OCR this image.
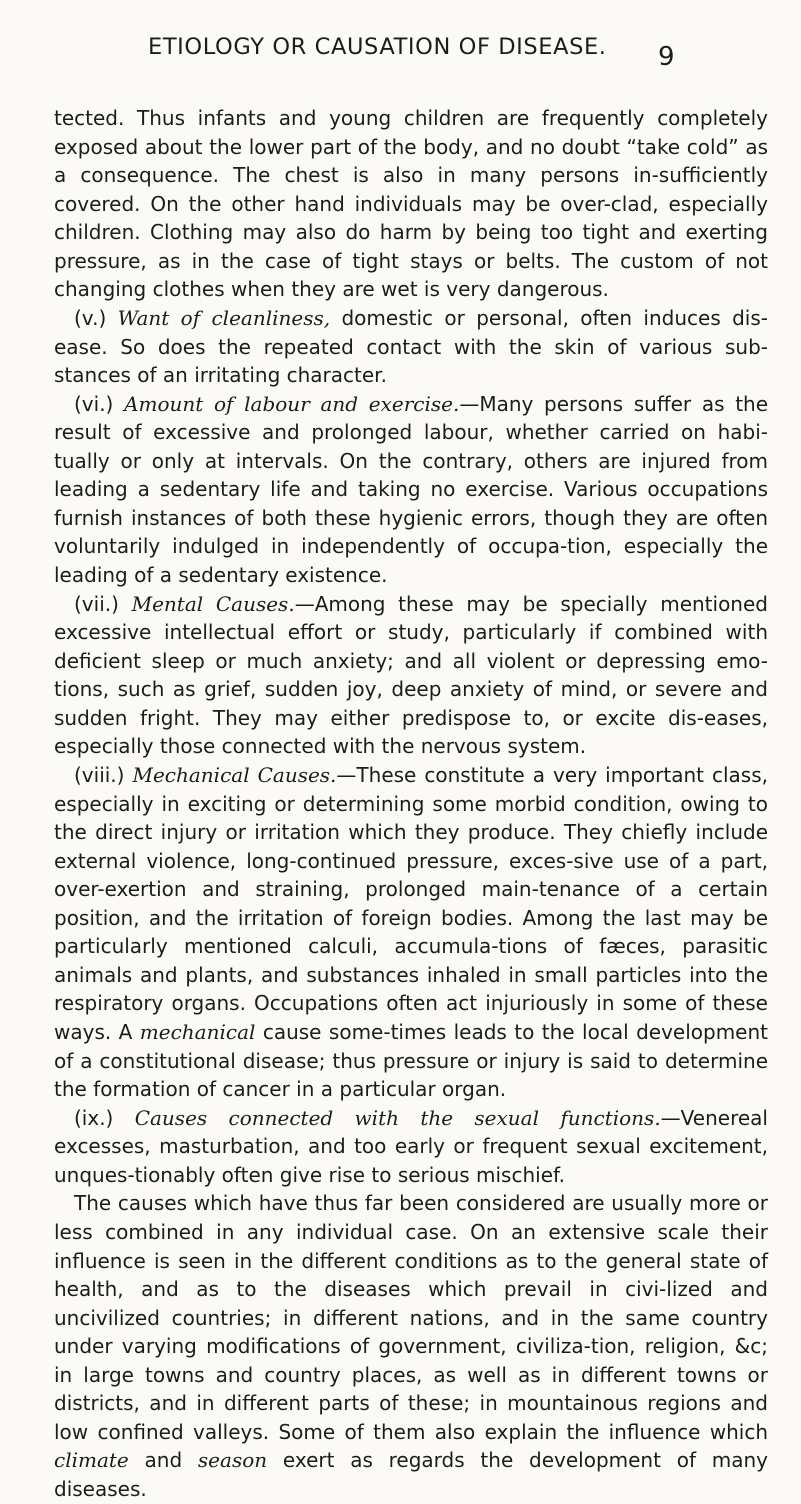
ETIOLOGY OR CAUSATION OF DISEASE. 9

tected. Thus infants and young children are frequently completely exposed about the lower part of the body, and no doubt “take cold” as a consequence. The chest is also in many persons in-sufficiently covered. On the other hand individuals may be over-clad, especially children. Clothing may also do harm by being too tight and exerting pressure, as in the case of tight stays or belts. The custom of not changing clothes when they are wet is very dangerous.

(v.) Want of cleanliness, domestic or personal, often induces dis-ease. So does the repeated contact with the skin of various sub-stances of an irritating character.

(vi.) Amount of labour and exercise.—Many persons suffer as the result of excessive and prolonged labour, whether carried on habi-tually or only at intervals. On the contrary, others are injured from leading a sedentary life and taking no exercise. Various occupations furnish instances of both these hygienic errors, though they are often voluntarily indulged in independently of occupa-tion, especially the leading of a sedentary existence.

(vii.) Mental Causes.—Among these may be specially mentioned excessive intellectual effort or study, particularly if combined with deficient sleep or much anxiety; and all violent or depressing emo-tions, such as grief, sudden joy, deep anxiety of mind, or severe and sudden fright. They may either predispose to, or excite dis-eases, especially those connected with the nervous system.

(viii.) Mechanical Causes.—These constitute a very important class, especially in exciting or determining some morbid condition, owing to the direct injury or irritation which they produce. They chiefly include external violence, long-continued pressure, exces-sive use of a part, over-exertion and straining, prolonged main-tenance of a certain position, and the irritation of foreign bodies. Among the last may be particularly mentioned calculi, accumula-tions of fæces, parasitic animals and plants, and substances inhaled in small particles into the respiratory organs. Occupations often act injuriously in some of these ways. A mechanical cause some-times leads to the local development of a constitutional disease; thus pressure or injury is said to determine the formation of cancer in a particular organ.

(ix.) Causes connected with the sexual functions.—Venereal excesses, masturbation, and too early or frequent sexual excitement, unques-tionably often give rise to serious mischief.

The causes which have thus far been considered are usually more or less combined in any individual case. On an extensive scale their influence is seen in the different conditions as to the general state of health, and as to the diseases which prevail in civi-lized and uncivilized countries; in different nations, and in the same country under varying modifications of government, civiliza-tion, religion, &c; in large towns and country places, as well as in different towns or districts, and in different parts of these; in mountainous regions and low confined valleys. Some of them also explain the influence which climate and season exert as regards the development of many diseases.
